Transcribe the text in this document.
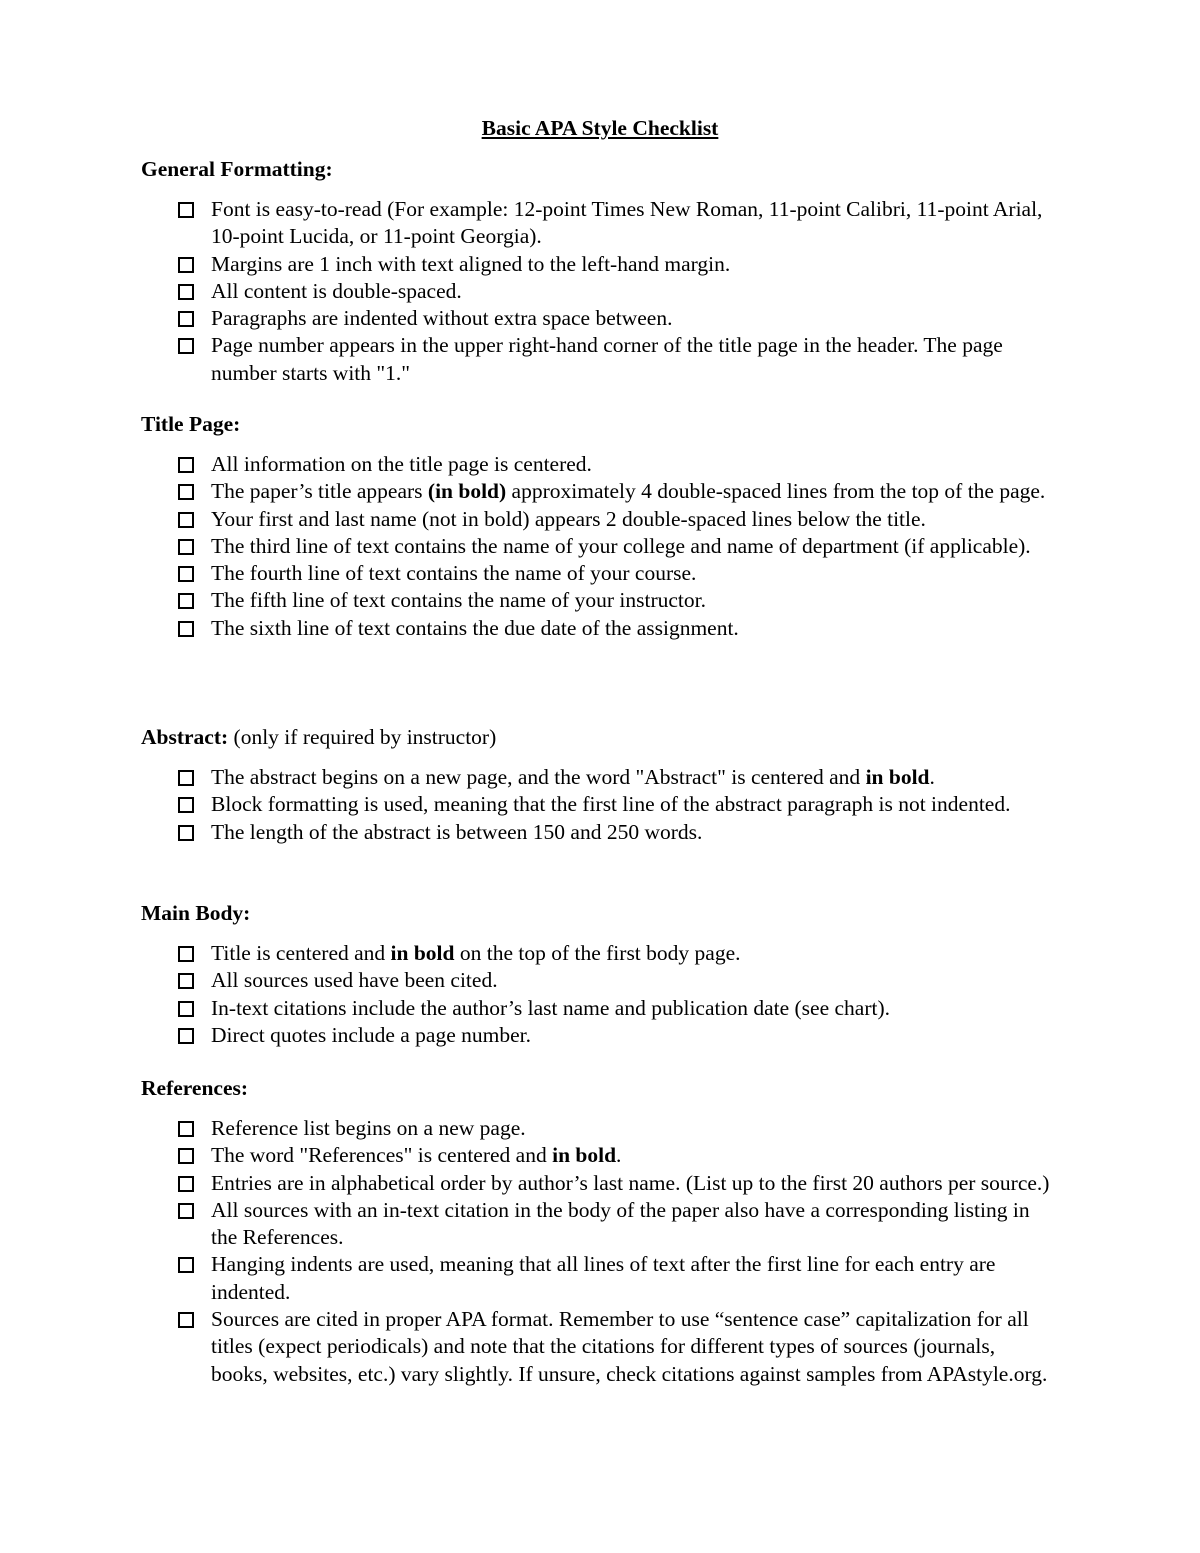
Basic APA Style Checklist
General Formatting:
Font is easy-to-read (For example: 12-point Times New Roman, 11-point Calibri, 11-point Arial, 10-point Lucida, or 11-point Georgia).
Margins are 1 inch with text aligned to the left-hand margin.
All content is double-spaced.
Paragraphs are indented without extra space between.
Page number appears in the upper right-hand corner of the title page in the header. The page number starts with "1."
Title Page:
All information on the title page is centered.
The paper’s title appears (in bold) approximately 4 double-spaced lines from the top of the page.
Your first and last name (not in bold) appears 2 double-spaced lines below the title.
The third line of text contains the name of your college and name of department (if applicable).
The fourth line of text contains the name of your course.
The fifth line of text contains the name of your instructor.
The sixth line of text contains the due date of the assignment.
Abstract: (only if required by instructor)
The abstract begins on a new page, and the word "Abstract" is centered and in bold.
Block formatting is used, meaning that the first line of the abstract paragraph is not indented.
The length of the abstract is between 150 and 250 words.
Main Body:
Title is centered and in bold on the top of the first body page.
All sources used have been cited.
In-text citations include the author’s last name and publication date (see chart).
Direct quotes include a page number.
References:
Reference list begins on a new page.
The word "References" is centered and in bold.
Entries are in alphabetical order by author’s last name. (List up to the first 20 authors per source.)
All sources with an in-text citation in the body of the paper also have a corresponding listing in the References.
Hanging indents are used, meaning that all lines of text after the first line for each entry are indented.
Sources are cited in proper APA format. Remember to use “sentence case” capitalization for all titles (expect periodicals) and note that the citations for different types of sources (journals, books, websites, etc.) vary slightly. If unsure, check citations against samples from APAstyle.org.
